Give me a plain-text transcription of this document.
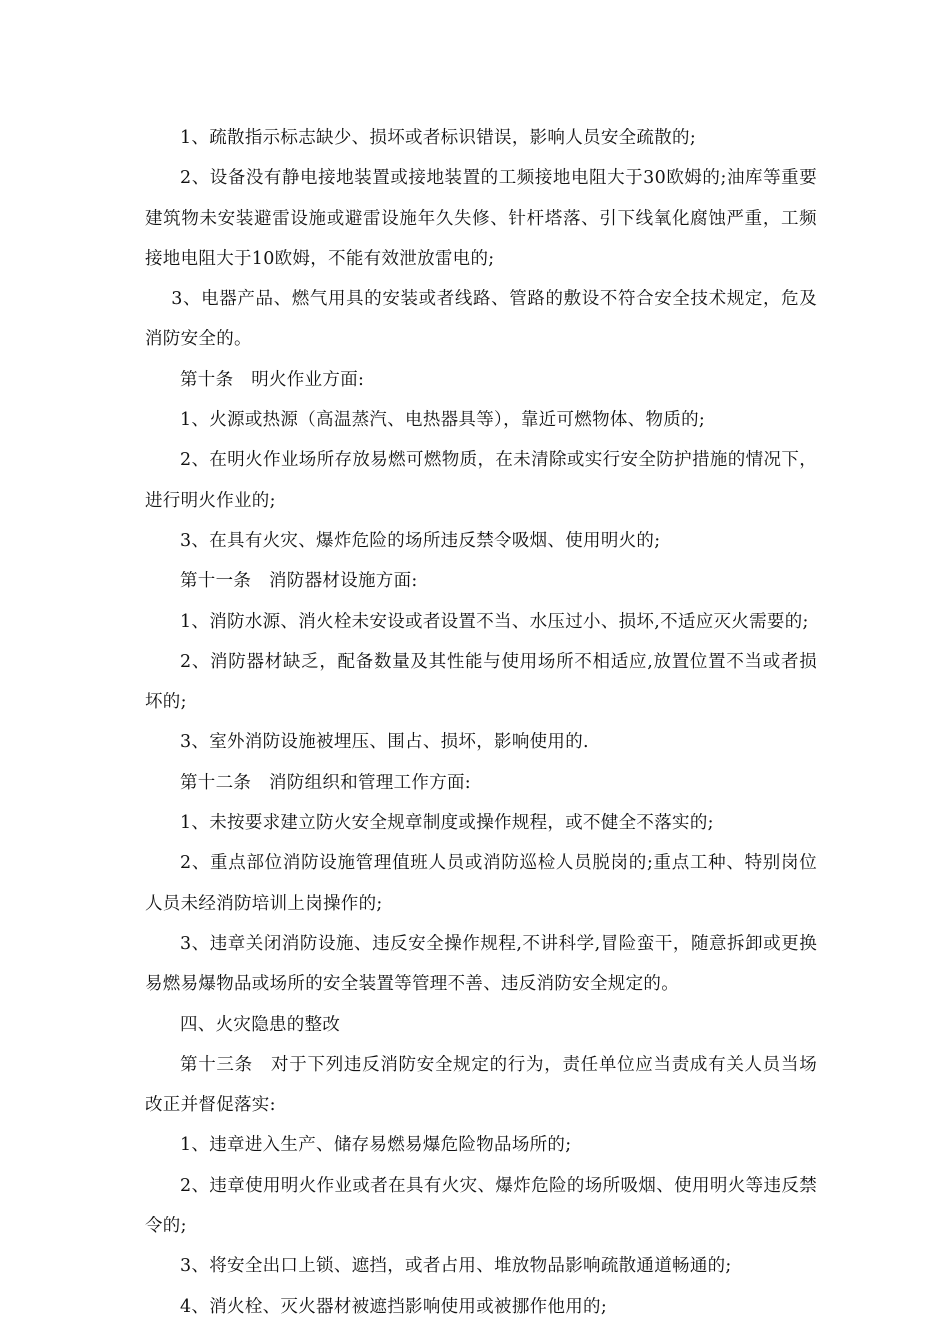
1、疏散指示标志缺少、损坏或者标识错误，影响人员安全疏散的;

2、设备没有静电接地装置或接地装置的工频接地电阻大于30欧姆的;油库等重要建筑物未安装避雷设施或避雷设施年久失修、针杆塔落、引下线氧化腐蚀严重，工频接地电阻大于10欧姆，不能有效泄放雷电的;

3、电器产品、燃气用具的安装或者线路、管路的敷设不符合安全技术规定，危及消防安全的。

第十条　明火作业方面:

1、火源或热源（高温蒸汽、电热器具等），靠近可燃物体、物质的;

2、在明火作业场所存放易燃可燃物质，在未清除或实行安全防护措施的情况下，进行明火作业的;

3、在具有火灾、爆炸危险的场所违反禁令吸烟、使用明火的;

第十一条　消防器材设施方面:

1、消防水源、消火栓未安设或者设置不当、水压过小、损坏,不适应灭火需要的;

2、消防器材缺乏，配备数量及其性能与使用场所不相适应,放置位置不当或者损坏的;

3、室外消防设施被埋压、围占、损坏，影响使用的.

第十二条　消防组织和管理工作方面:

1、未按要求建立防火安全规章制度或操作规程，或不健全不落实的;

2、重点部位消防设施管理值班人员或消防巡检人员脱岗的;重点工种、特别岗位人员未经消防培训上岗操作的;

3、违章关闭消防设施、违反安全操作规程,不讲科学,冒险蛮干，随意拆卸或更换易燃易爆物品或场所的安全装置等管理不善、违反消防安全规定的。

四、火灾隐患的整改

第十三条　对于下列违反消防安全规定的行为，责任单位应当责成有关人员当场改正并督促落实:

1、违章进入生产、储存易燃易爆危险物品场所的;

2、违章使用明火作业或者在具有火灾、爆炸危险的场所吸烟、使用明火等违反禁令的;

3、将安全出口上锁、遮挡，或者占用、堆放物品影响疏散通道畅通的;

4、消火栓、灭火器材被遮挡影响使用或被挪作他用的;
